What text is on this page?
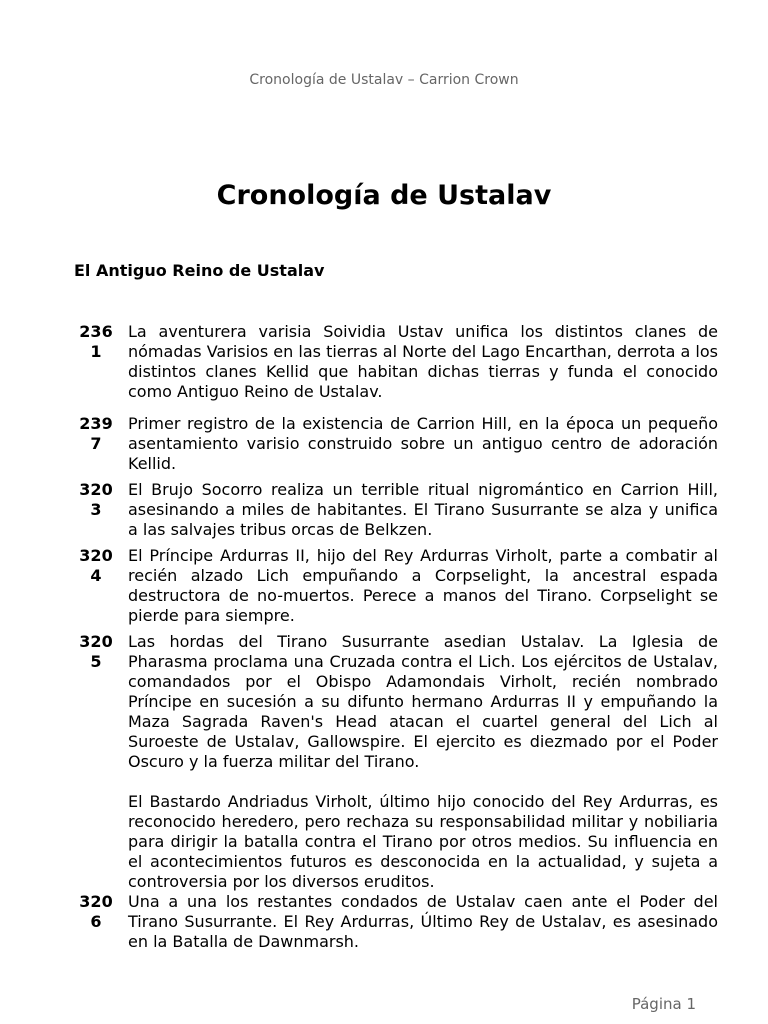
Cronología de Ustalav – Carrion Crown
Cronología de Ustalav
El Antiguo Reino de Ustalav
2361
La aventurera varisia Soividia Ustav unifica los distintos clanes de nómadas Varisios en las tierras al Norte del Lago Encarthan, derrota a los distintos clanes Kellid que habitan dichas tierras y funda el conocido como Antiguo Reino de Ustalav.
2397
Primer registro de la existencia de Carrion Hill, en la época un pequeño asentamiento varisio construido sobre un antiguo centro de adoración Kellid.
3203
El Brujo Socorro realiza un terrible ritual nigromántico en Carrion Hill, asesinando a miles de habitantes. El Tirano Susurrante se alza y unifica a las salvajes tribus orcas de Belkzen.
3204
El Príncipe Ardurras II, hijo del Rey Ardurras Virholt, parte a combatir al recién alzado Lich empuñando a Corpselight, la ancestral espada destructora de no-muertos. Perece a manos del Tirano. Corpselight se pierde para siempre.
3205
Las hordas del Tirano Susurrante asedian Ustalav. La Iglesia de Pharasma proclama una Cruzada contra el Lich. Los ejércitos de Ustalav, comandados por el Obispo Adamondais Virholt, recién nombrado Príncipe en sucesión a su difunto hermano Ardurras II y empuñando la Maza Sagrada Raven's Head atacan el cuartel general del Lich al Suroeste de Ustalav, Gallowspire. El ejercito es diezmado por el Poder Oscuro y la fuerza militar del Tirano.

El Bastardo Andriadus Virholt, último hijo conocido del Rey Ardurras, es reconocido heredero, pero rechaza su responsabilidad militar y nobiliaria para dirigir la batalla contra el Tirano por otros medios. Su influencia en el acontecimientos futuros es desconocida en la actualidad, y sujeta a controversia por los diversos eruditos.
3206
Una a una los restantes condados de Ustalav caen ante el Poder del Tirano Susurrante. El Rey Ardurras, Último Rey de Ustalav, es asesinado en la Batalla de Dawnmarsh.
Página 1
